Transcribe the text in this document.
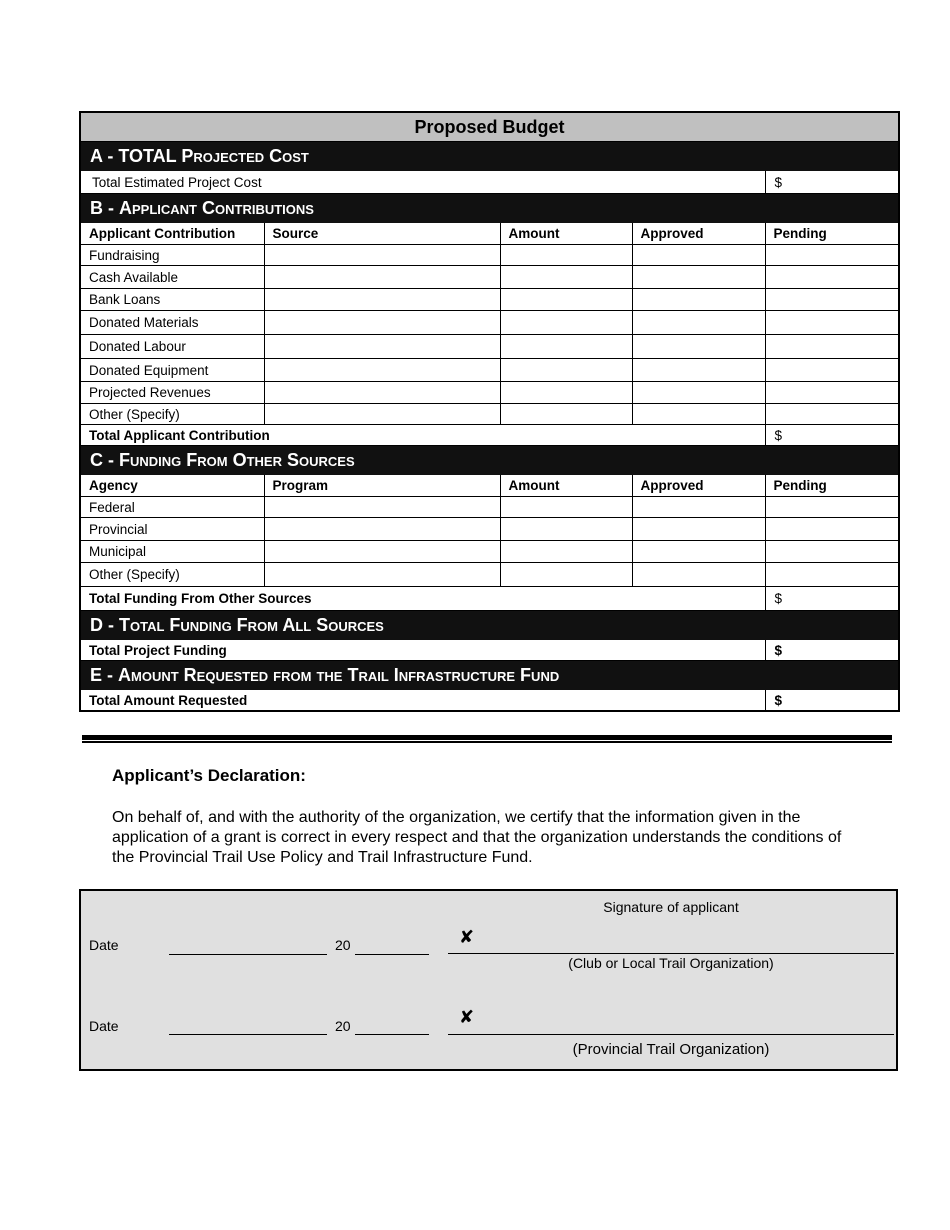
Proposed Budget				
A - TOTAL Projected Cost				
Total Estimated Project Cost				$
B - Applicant Contributions				
Applicant Contribution	Source	Amount	Approved	Pending
Fundraising				
Cash Available				
Bank Loans				
Donated Materials				
Donated Labour				
Donated Equipment				
Projected Revenues				
Other (Specify)				
Total Applicant Contribution				$
C - Funding From Other Sources				
Agency	Program	Amount	Approved	Pending
Federal				
Provincial				
Municipal				
Other (Specify)				
Total Funding From Other Sources				$
D - Total Funding From All Sources				
Total Project Funding				$
E - Amount Requested from the Trail Infrastructure Fund				
Total Amount Requested				$
Applicant’s Declaration:

On behalf of, and with the authority of the organization, we certify that the information given in the application of a grant is correct in every respect and that the organization understands the conditions of the Provincial Trail Use Policy and Trail Infrastructure Fund.

Signature of applicant
Date	20	✘
(Club or Local Trail Organization)
Date	20	✘
(Provincial Trail Organization)
